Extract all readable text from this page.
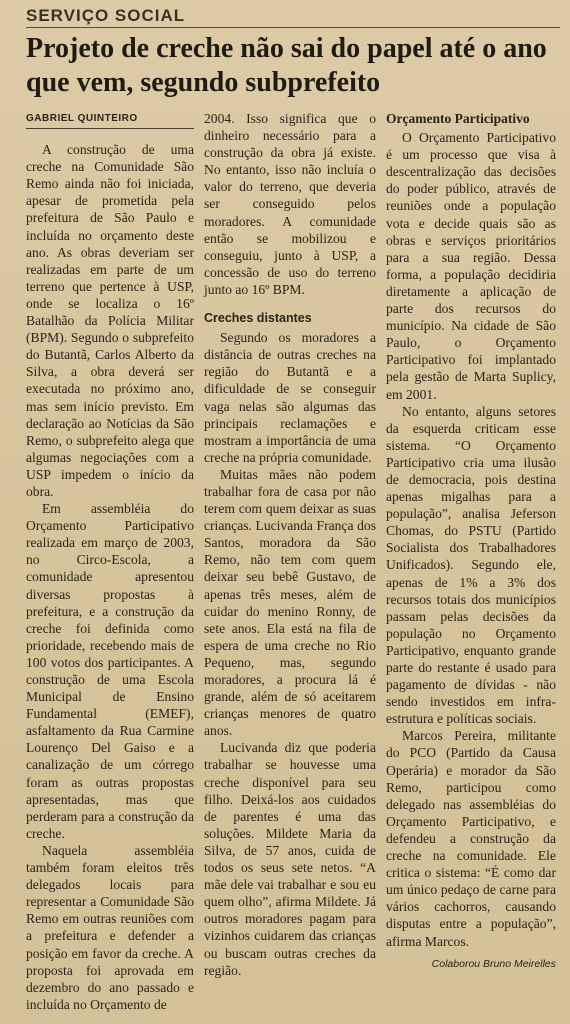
SERVIÇO SOCIAL
Projeto de creche não sai do papel até o ano que vem, segundo subprefeito
GABRIEL QUINTEIRO

A construção de uma creche na Comunidade São Remo ainda não foi iniciada, apesar de prometida pela prefeitura de São Paulo e incluída no orçamento deste ano. As obras deveriam ser realizadas em parte de um terreno que pertence à USP, onde se localiza o 16º Batalhão da Polícia Militar (BPM). Segundo o subprefeito do Butantã, Carlos Alberto da Silva, a obra deverá ser executada no próximo ano, mas sem início previsto. Em declaração ao Notícias da São Remo, o subprefeito alega que algumas negociações com a USP impedem o início da obra.

Em assembléia do Orçamento Participativo realizada em março de 2003, no Circo-Escola, a comunidade apresentou diversas propostas à prefeitura, e a construção da creche foi definida como prioridade, recebendo mais de 100 votos dos participantes. A construção de uma Escola Municipal de Ensino Fundamental (EMEF), asfaltamento da Rua Carmine Lourenço Del Gaiso e a canalização de um córrego foram as outras propostas apresentadas, mas que perderam para a construção da creche.

Naquela assembléia também foram eleitos três delegados locais para representar a Comunidade São Remo em outras reuniões com a prefeitura e defender a posição em favor da creche. A proposta foi aprovada em dezembro do ano passado e incluída no Orçamento de

2004. Isso significa que o dinheiro necessário para a construção da obra já existe. No entanto, isso não incluía o valor do terreno, que deveria ser conseguido pelos moradores. A comunidade então se mobilizou e conseguiu, junto à USP, a concessão de uso do terreno junto ao 16º BPM.

Creches distantes

Segundo os moradores a distância de outras creches na região do Butantã e a dificuldade de se conseguir vaga nelas são algumas das principais reclamações e mostram a importância de uma creche na própria comunidade.

Muitas mães não podem trabalhar fora de casa por não terem com quem deixar as suas crianças. Lucivanda França dos Santos, moradora da São Remo, não tem com quem deixar seu bebê Gustavo, de apenas três meses, além de cuidar do menino Ronny, de sete anos. Ela está na fila de espera de uma creche no Rio Pequeno, mas, segundo moradores, a procura lá é grande, além de só aceitarem crianças menores de quatro anos.

Lucivanda diz que poderia trabalhar se houvesse uma creche disponível para seu filho. Deixá-los aos cuidados de parentes é uma das soluções. Mildete Maria da Silva, de 57 anos, cuida de todos os seus sete netos. “A mãe dele vai trabalhar e sou eu quem olho”, afirma Mildete. Já outros moradores pagam para vizinhos cuidarem das crianças ou buscam outras creches da região.

Orçamento Participativo

O Orçamento Participativo é um processo que visa à descentralização das decisões do poder público, através de reuniões onde a população vota e decide quais são as obras e serviços prioritários para a sua região. Dessa forma, a população decidiria diretamente a aplicação de parte dos recursos do município. Na cidade de São Paulo, o Orçamento Participativo foi implantado pela gestão de Marta Suplicy, em 2001.

No entanto, alguns setores da esquerda criticam esse sistema. “O Orçamento Participativo cria uma ilusão de democracia, pois destina apenas migalhas para a população”, analisa Jeferson Chomas, do PSTU (Partido Socialista dos Trabalhadores Unificados). Segundo ele, apenas de 1% a 3% dos recursos totais dos municípios passam pelas decisões da população no Orçamento Participativo, enquanto grande parte do restante é usado para pagamento de dívidas - não sendo investidos em infra-estrutura e políticas sociais.

Marcos Pereira, militante do PCO (Partido da Causa Operária) e morador da São Remo, participou como delegado nas assembléias do Orçamento Participativo, e defendeu a construção da creche na comunidade. Ele critica o sistema: “É como dar um único pedaço de carne para vários cachorros, causando disputas entre a população”, afirma Marcos.

Colaborou Bruno Meirelles
